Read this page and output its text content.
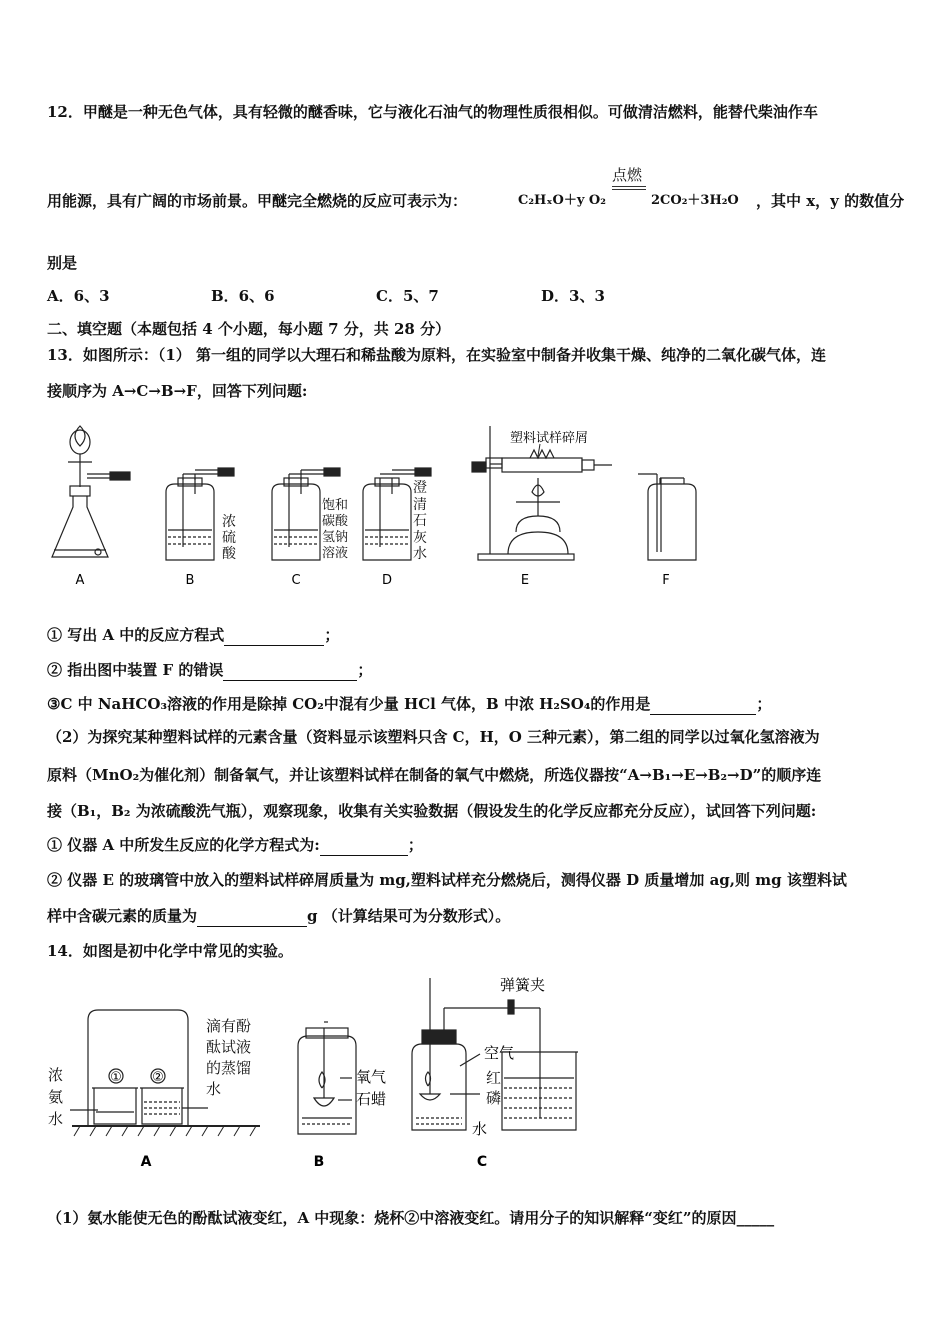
12．甲醚是一种无色气体，具有轻微的醚香味，它与液化石油气的物理性质很相似。可做清洁燃料，能替代柴油作车
点燃
用能源，具有广阔的市场前景。甲醚完全燃烧的反应可表示为：	C₂HₓO＋y O₂	2CO₂＋3H₂O ，其中 x，y 的数值分
别是
A．6、3	B．6、6	C．5、7	D．3、3
二、填空题（本题包括 4 个小题，每小题 7 分，共 28 分）
13．如图所示：（1） 第一组的同学以大理石和稀盐酸为原料，在实验室中制备并收集干燥、纯净的二氧化碳气体，连
接顺序为 A→C→B→F，回答下列问题:
塑料试样碎屑
A	B	C	D	E	F
浓硫酸
饱和碳酸氢钠溶液
澄清石灰水
① 写出 A 中的反应方程式	；
② 指出图中装置 F 的错误	；
③C 中 NaHCO₃溶液的作用是除掉 CO₂中混有少量 HCl 气体，B 中浓 H₂SO₄的作用是	；
（2）为探究某种塑料试样的元素含量（资料显示该塑料只含 C，H，O 三种元素），第二组的同学以过氧化氢溶液为
原料（MnO₂为催化剂）制备氧气，并让该塑料试样在制备的氧气中燃烧，所选仪器按“A→B₁→E→B₂→D”的顺序连
接（B₁，B₂ 为浓硫酸洗气瓶），观察现象，收集有关实验数据（假设发生的化学反应都充分反应），试回答下列问题:
① 仪器 A 中所发生反应的化学方程式为:	；
② 仪器 E 的玻璃管中放入的塑料试样碎屑质量为 mg,塑料试样充分燃烧后，测得仪器 D 质量增加 ag,则 mg 该塑料试
样中含碳元素的质量为	g （计算结果可为分数形式）。
14．如图是初中化学中常见的实验。
① ②
A
氧气
石蜡
B
弹簧夹
空气
水
C
浓氨水
滴有酚酞试液的蒸馏水
红磷
（1）氨水能使无色的酚酞试液变红，A 中现象：烧杯②中溶液变红。请用分子的知识解释“变红”的原因_____
